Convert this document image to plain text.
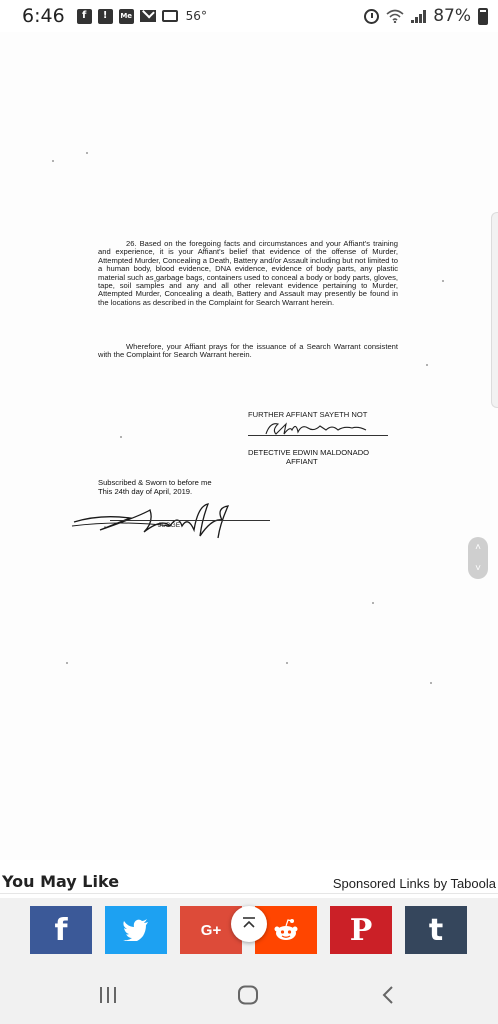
6:46	f	!	Me	56°	87%

26. Based on the foregoing facts and circumstances and your Affiant's training and experience, it is your Affiant's belief that evidence of the offense of Murder, Attempted Murder, Concealing a Death, Battery and/or Assault including but not limited to a human body, blood evidence, DNA evidence, evidence of body parts, any plastic material such as garbage bags, containers used to conceal a body or body parts, gloves, tape, soil samples and any and all other relevant evidence pertaining to Murder, Attempted Murder, Concealing a death, Battery and Assault may presently be found in the locations as described in the Complaint for Search Warrant herein.

Wherefore, your Affiant prays for the issuance of a Search Warrant consistent with the Complaint for Search Warrant herein.

FURTHER AFFIANT SAYETH NOT
DETECTIVE EDWIN MALDONADO
AFFIANT
Subscribed & Sworn to before me
This 24th day of April, 2019.
JUDGE
˄
˅
You May Like	Sponsored Links by Taboola
f	G+	P t
